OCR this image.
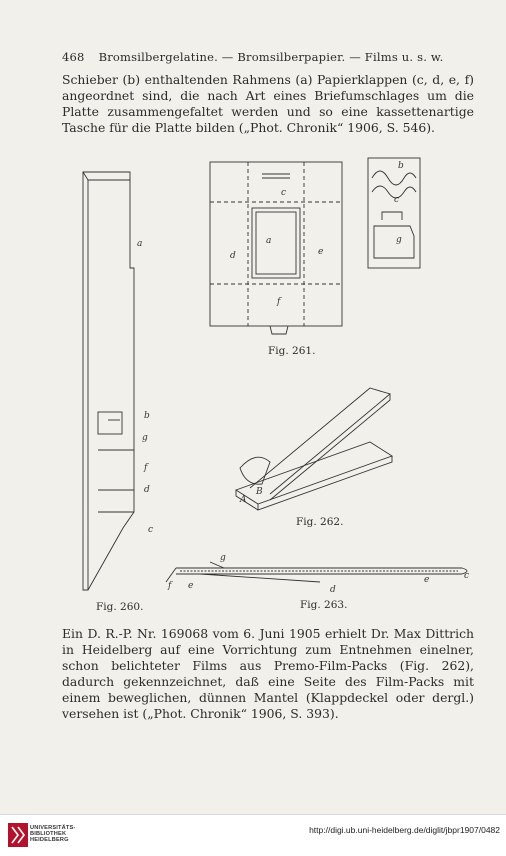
468 Bromsilbergelatine. — Bromsilberpapier. — Films u. s. w.
Schieber (b) enthaltenden Rahmens (a) Papierklappen (c, d, e, f) angeordnet sind, die nach Art eines Briefumschlages um die Platte zusammengefaltet werden und so eine kassettenartige Tasche für die Platte bilden („Phot. Chronik“ 1906, S. 546).
a
b
g
f
d
c
c
a
d	e
f
b
c
g
A
B
g
f e
c
e
d
Fig. 261.
Fig. 262.
Fig. 263.
Fig. 260.
Ein D. R.-P. Nr. 169068 vom 6. Juni 1905 erhielt Dr. Max Dittrich in Heidelberg auf eine Vorrichtung zum Entnehmen einelner, schon belichteter Films aus Premo-Film-Packs (Fig. 262), dadurch gekennzeichnet, daß eine Seite des Film-Packs mit einem beweglichen, dünnen Mantel (Klappdeckel oder dergl.) versehen ist („Phot. Chronik“ 1906, S. 393).
UNIVERSITÄTS-BIBLIOTHEK HEIDELBERG
http://digi.ub.uni-heidelberg.de/diglit/jbpr1907/0482
